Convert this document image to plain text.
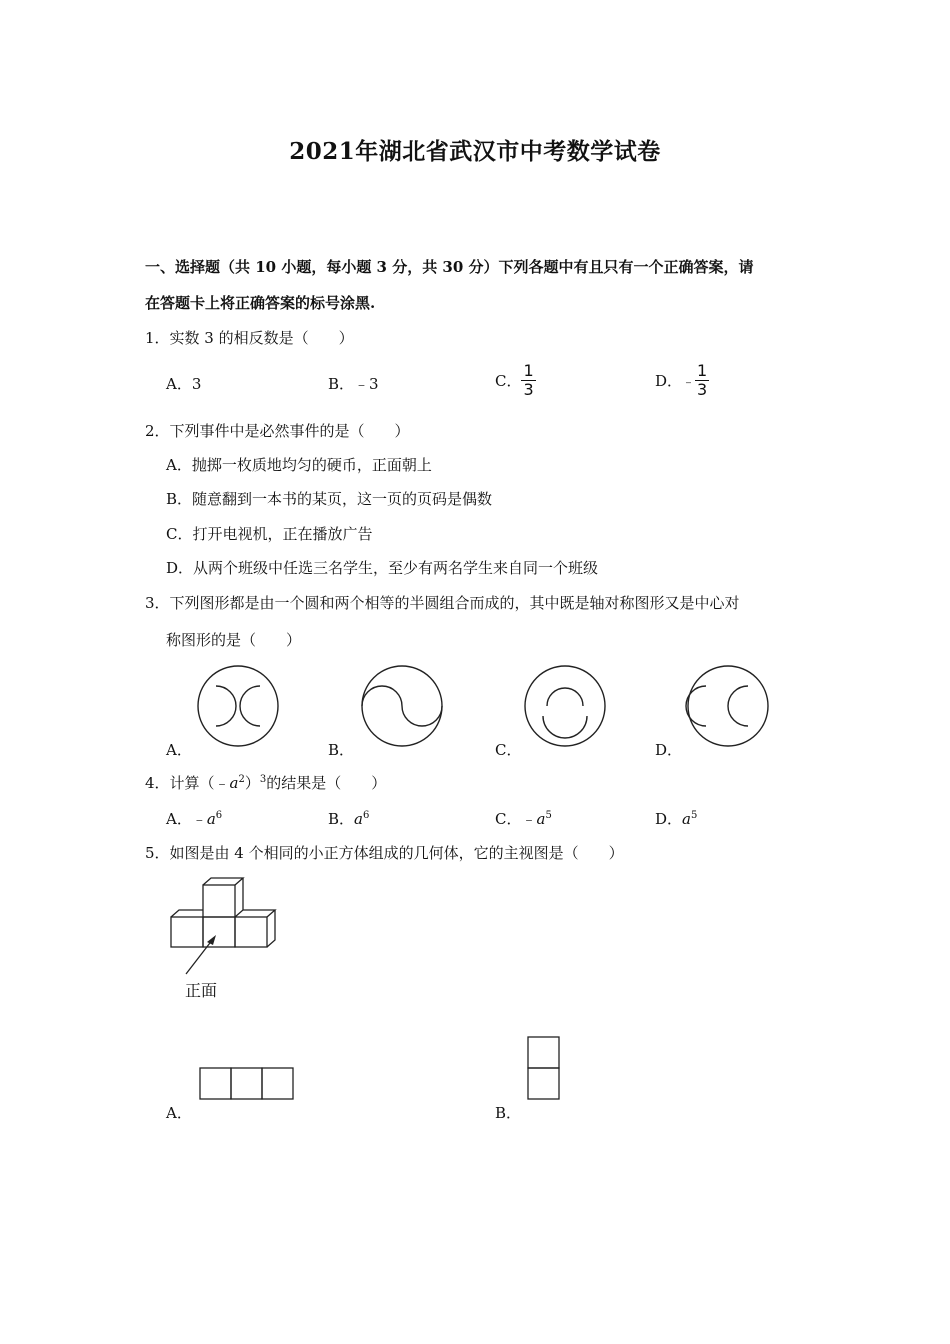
2021年湖北省武汉市中考数学试卷
一、选择题（共 10 小题，每小题 3 分，共 30 分）下列各题中有且只有一个正确答案，请
在答题卡上将正确答案的标号涂黑.
1．实数 3 的相反数是（　　）
A．3	B．﹣3	C． $\frac{1}{3}$	D．﹣ $\frac{1}{3}$
2．下列事件中是必然事件的是（　　）
A．抛掷一枚质地均匀的硬币，正面朝上
B．随意翻到一本书的某页，这一页的页码是偶数
C．打开电视机，正在播放广告
D．从两个班级中任选三名学生，至少有两名学生来自同一个班级
3．下列图形都是由一个圆和两个相等的半圆组合而成的，其中既是轴对称图形又是中心对
称图形的是（　　）
A．	B．	C．	D．
4．计算$(﹣a^2)^3$的结果是（　　）
A．$﹣a^6$	B．$a^6$	C．$﹣a^5$	D．$a^5$
5．如图是由 4 个相同的小正方体组成的几何体，它的主视图是（　　）
正面
A．	B．
